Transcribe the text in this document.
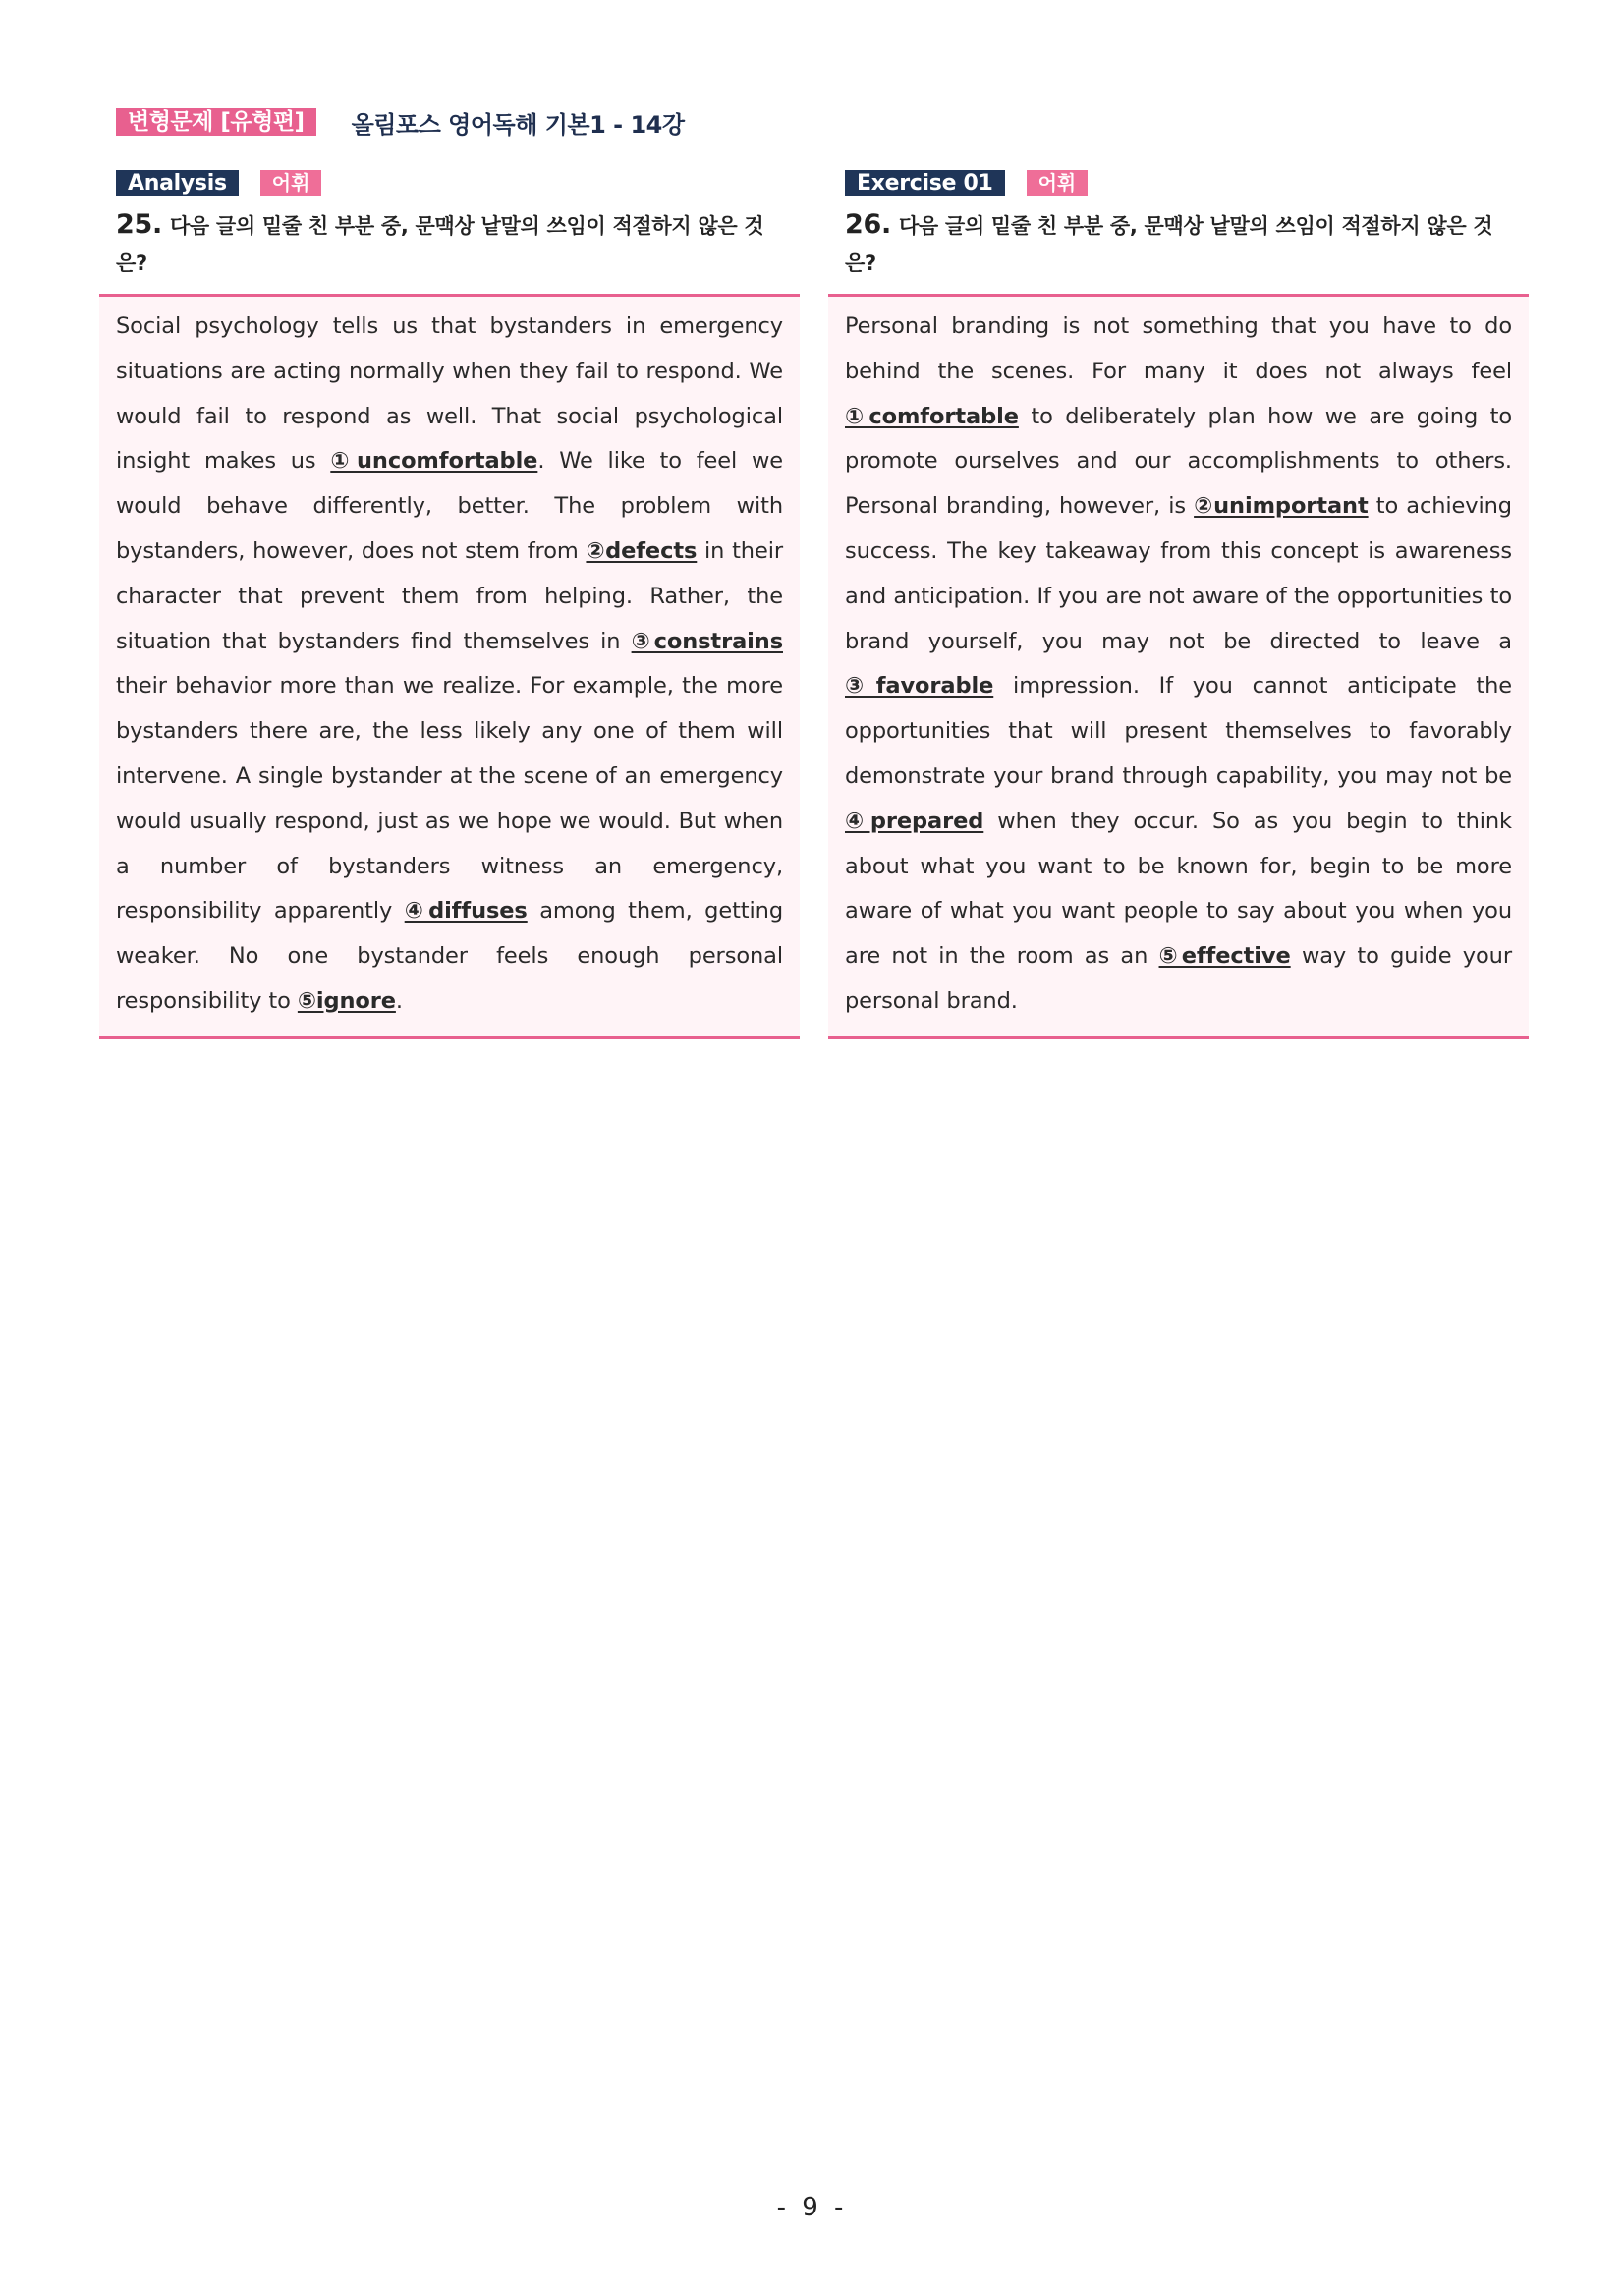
변형문제 [유형편]	올림포스 영어독해 기본1 - 14강
Analysis	어휘
25. 다음 글의 밑줄 친 부분 중, 문맥상 낱말의 쓰임이 적절하지 않은 것은?

Social psychology tells us that bystanders in emergency situations are acting normally when they fail to respond. We would fail to respond as well. That social psychological insight makes us ①uncomfortable. We like to feel we would behave differently, better. The problem with bystanders, however, does not stem from ②defects in their character that prevent them from helping. Rather, the situation that bystanders find themselves in ③constrains their behavior more than we realize. For example, the more bystanders there are, the less likely any one of them will intervene. A single bystander at the scene of an emergency would usually respond, just as we hope we would. But when a number of bystanders witness an emergency, responsibility apparently ④diffuses among them, getting weaker. No one bystander feels enough personal responsibility to ⑤ignore.

Exercise 01	어휘
26. 다음 글의 밑줄 친 부분 중, 문맥상 낱말의 쓰임이 적절하지 않은 것은?

Personal branding is not something that you have to do behind the scenes. For many it does not always feel ①comfortable to deliberately plan how we are going to promote ourselves and our accomplishments to others. Personal branding, however, is ②unimportant to achieving success. The key takeaway from this concept is awareness and anticipation. If you are not aware of the opportunities to brand yourself, you may not be directed to leave a ③favorable impression. If you cannot anticipate the opportunities that will present themselves to favorably demonstrate your brand through capability, you may not be ④prepared when they occur. So as you begin to think about what you want to be known for, begin to be more aware of what you want people to say about you when you are not in the room as an ⑤effective way to guide your personal brand.

- 9 -
